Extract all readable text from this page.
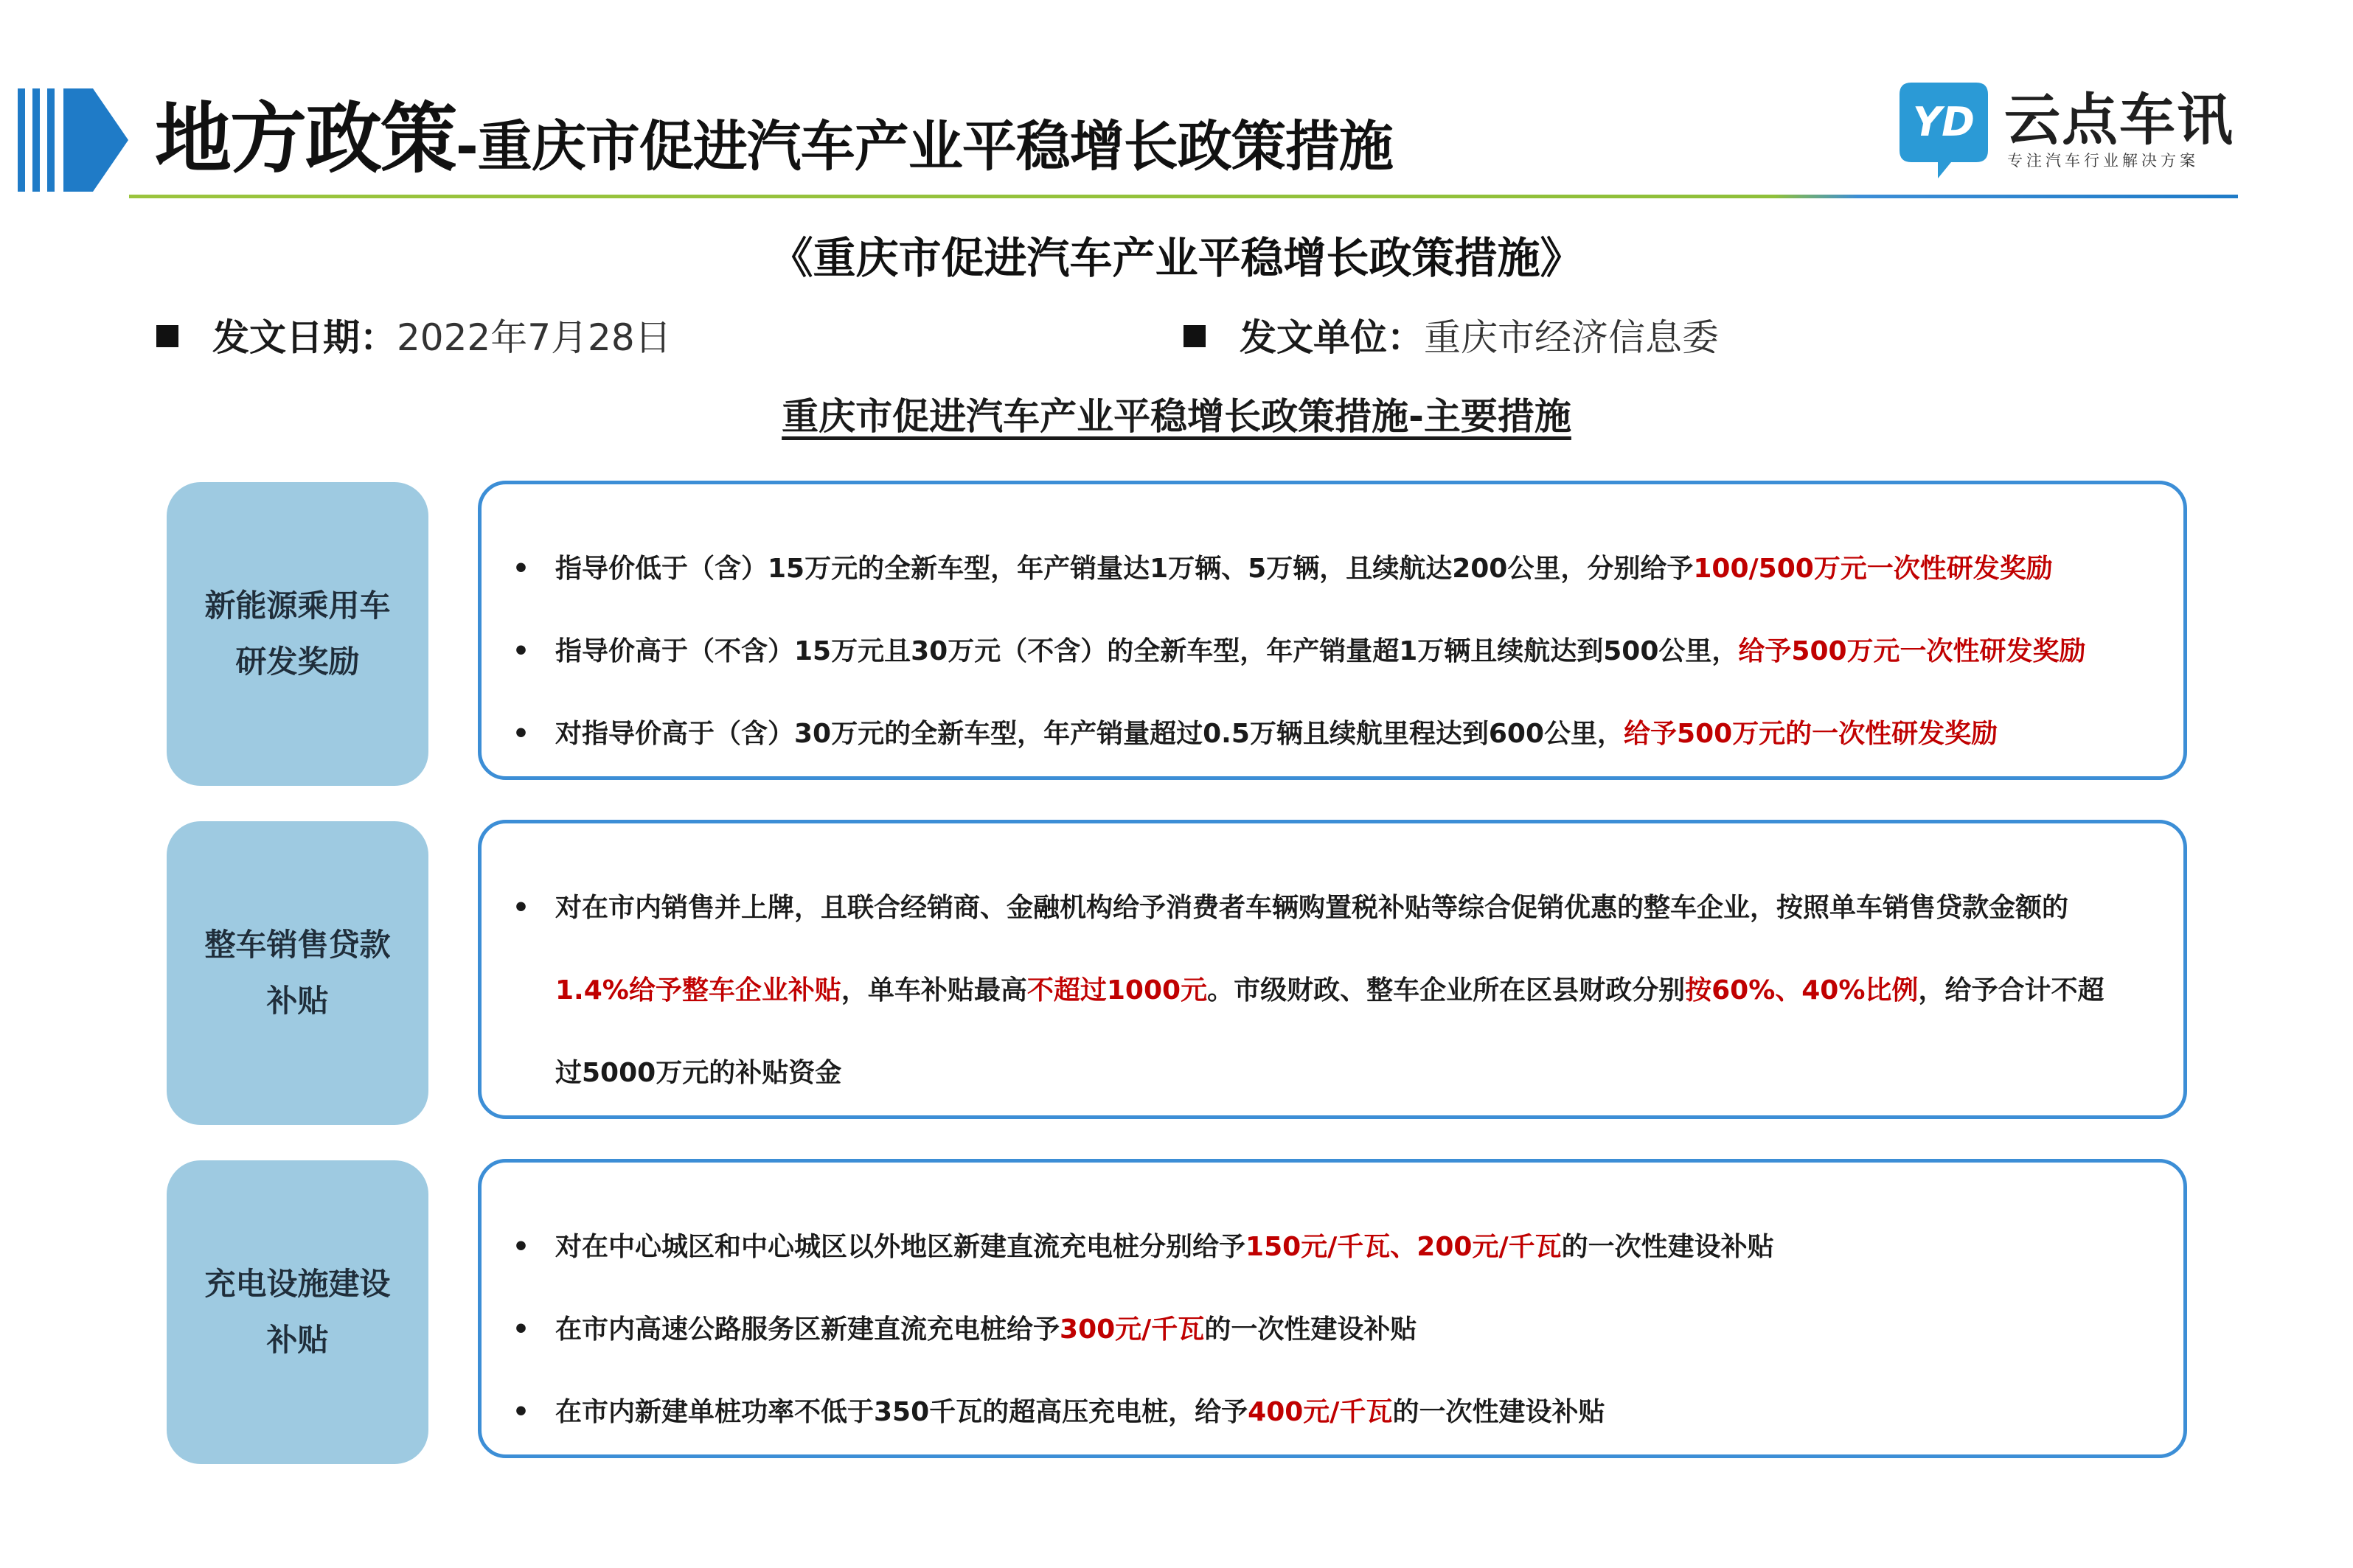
地方政策-重庆市促进汽车产业平稳增长政策措施	YD 云点车讯
专注汽车行业解决方案
《重庆市促进汽车产业平稳增长政策措施》
发文日期：2022年7月28日	发文单位：重庆市经济信息委
重庆市促进汽车产业平稳增长政策措施-主要措施
新能源乘用车
研发奖励
• 指导价低于（含）15万元的全新车型，年产销量达1万辆、5万辆，且续航达200公里，分别给予100/500万元一次性研发奖励
• 指导价高于（不含）15万元且30万元（不含）的全新车型，年产销量超1万辆且续航达到500公里，给予500万元一次性研发奖励
• 对指导价高于（含）30万元的全新车型，年产销量超过0.5万辆且续航里程达到600公里，给予500万元的一次性研发奖励
整车销售贷款
补贴
• 对在市内销售并上牌，且联合经销商、金融机构给予消费者车辆购置税补贴等综合促销优惠的整车企业，按照单车销售贷款金额的
1.4%给予整车企业补贴，单车补贴最高不超过1000元。市级财政、整车企业所在区县财政分别按60%、40%比例，给予合计不超
过5000万元的补贴资金
充电设施建设
补贴
• 对在中心城区和中心城区以外地区新建直流充电桩分别给予150元/千瓦、200元/千瓦的一次性建设补贴
• 在市内高速公路服务区新建直流充电桩给予300元/千瓦的一次性建设补贴
• 在市内新建单桩功率不低于350千瓦的超高压充电桩，给予400元/千瓦的一次性建设补贴
